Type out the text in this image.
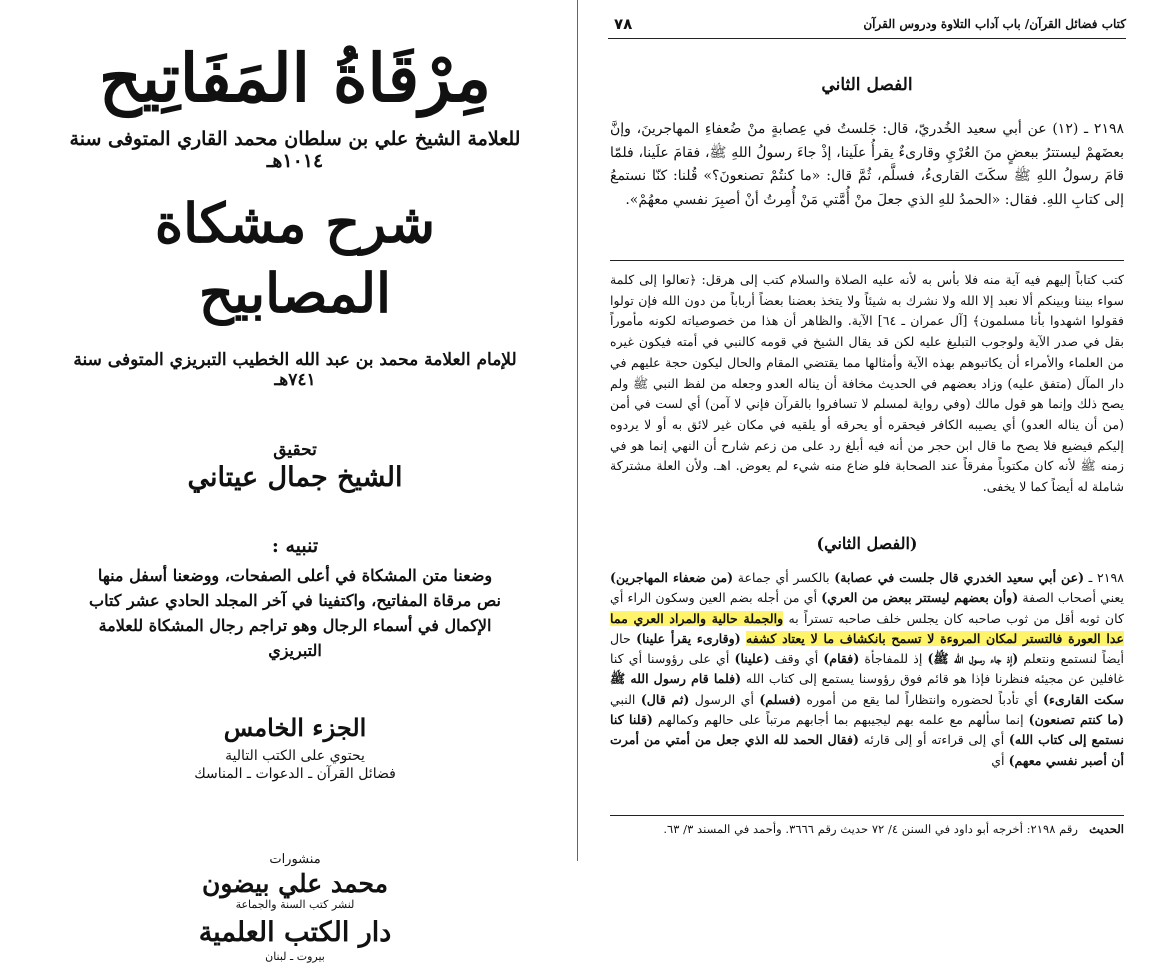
مِرْقَاةُ المَفَاتِيح
للعلامة الشيخ علي بن سلطان محمد القاري المتوفى سنة ١٠١٤هـ
شرح مشكاة المصابيح
للإمام العلامة محمد بن عبد الله الخطيب التبريزي المتوفى سنة ٧٤١هـ
تحقيق
الشيخ جمال عيتاني
تنبيه :
وضعنا متن المشكاة في أعلى الصفحات، ووضعنا أسفل منها نص مرقاة المفاتيح، واكتفينا في آخر المجلد الحادي عشر كتاب الإكمال في أسماء الرجال وهو تراجم رجال المشكاة للعلامة التبريزي
الجزء الخامس
يحتوي على الكتب التالية
فضائل القرآن ـ الدعوات ـ المناسك
منشورات
محمد علي بيضون
لنشر كتب السنة والجماعة
دار الكتب العلمية
بيروت ـ لبنان
٧٨	كتاب فضائل القرآن/ باب آداب التلاوة ودروس القرآن
الفصل الثاني
٢١٩٨ ـ (١٢) عن أبي سعيد الخُدريّ، قال: جَلستُ في عِصابةٍ منْ ضُعفاءِ المهاجرينَ، وإنَّ بعضَهمْ ليستترُ ببعضٍ منَ العُرْيِ وقارىءٌ يقرأُ علَينا، إذْ جاءَ رسولُ اللهِ ﷺ، فقامَ علَينا، فلمّا قامَ رسولُ اللهِ ﷺ سكَتَ القارىءُ، فسلَّم، ثُمَّ قال: «ما كنتُمْ تصنعونَ؟» قُلنا: كنّا نستمعُ إلى كتابِ اللهِ. فقال: «الحمدُ للهِ الذي جعلَ منْ أُمَّتي مَنْ أُمِرتُ أنْ أصبِرَ نفسي معهُمْ».
كتب كتاباً إليهم فيه آية منه فلا بأس به لأنه عليه الصلاة والسلام كتب إلى هرقل: ﴿تعالوا إلى كلمة سواء بيننا وبينكم ألا نعبد إلا الله ولا نشرك به شيئاً ولا يتخذ بعضنا بعضاً أرباباً من دون الله فإن تولوا فقولوا اشهدوا بأنا مسلمون﴾ [آل عمران ـ ٦٤] الآية. والظاهر أن هذا من خصوصياته لكونه مأموراً بقل في صدر الآية ولوجوب التبليغ عليه لكن قد يقال الشيخ في قومه كالنبي في أمته فيكون غيره من العلماء والأمراء أن يكاتبوهم بهذه الآية وأمثالها مما يقتضي المقام والحال ليكون حجة عليهم في دار المآل (متفق عليه) وزاد بعضهم في الحديث مخافة أن يناله العدو وجعله من لفظ النبي ﷺ ولم يصح ذلك وإنما هو قول مالك (وفي رواية لمسلم لا تسافروا بالقرآن فإني لا آمن) أي لست في أمن (من أن يناله العدو) أي يصيبه الكافر فيحقره أو يحرقه أو يلقيه في مكان غير لائق به أو لا يردوه إليكم فيضيع فلا يصح ما قال ابن حجر من أنه فيه أبلغ رد على من زعم شارح أن النهي إنما هو في زمنه ﷺ لأنه كان مكتوباً مفرقاً عند الصحابة فلو ضاع منه شيء لم يعوض. اهـ. ولأن العلة مشتركة شاملة له أيضاً كما لا يخفى.
(الفصل الثاني)
٢١٩٨ ـ (عن أبي سعيد الخدري قال جلست في عصابة) بالكسر أي جماعة (من ضعفاء المهاجرين) يعني أصحاب الصفة (وأن بعضهم ليستتر ببعض من العري) أي من أجله بضم العين وسكون الراء أي كان ثوبه أقل من ثوب صاحبه كان يجلس خلف صاحبه تستراً به والجملة حالية والمراد العري مما عدا العورة فالتستر لمكان المروءة لا تسمح بانكشاف ما لا يعتاد كشفه (وقارىء يقرأ علينا) حال أيضاً لنستمع ونتعلم (إذ جاء رسول الله ﷺ) إذ للمفاجأة (فقام) أي وقف (علينا) أي على رؤوسنا أي كنا غافلين عن مجيئه فنظرنا فإذا هو قائم فوق رؤوسنا يستمع إلى كتاب الله (فلما قام رسول الله ﷺ سكت القارىء) أي تأدباً لحضوره وانتظاراً لما يقع من أموره (فسلم) أي الرسول (ثم قال) النبي (ما كنتم تصنعون) إنما سألهم مع علمه بهم ليجيبهم بما أجابهم مرتباً على حالهم وكمالهم (قلنا كنا نستمع إلى كتاب الله) أي إلى قراءته أو إلى قارئه (فقال الحمد لله الذي جعل من أمتي من أمرت أن أصبر نفسي معهم) أي
الحديث   رقم ٢١٩٨: أخرجه أبو داود في السنن ٤/ ٧٢ حديث رقم ٣٦٦٦. وأحمد في المسند ٣/ ٦٣.
